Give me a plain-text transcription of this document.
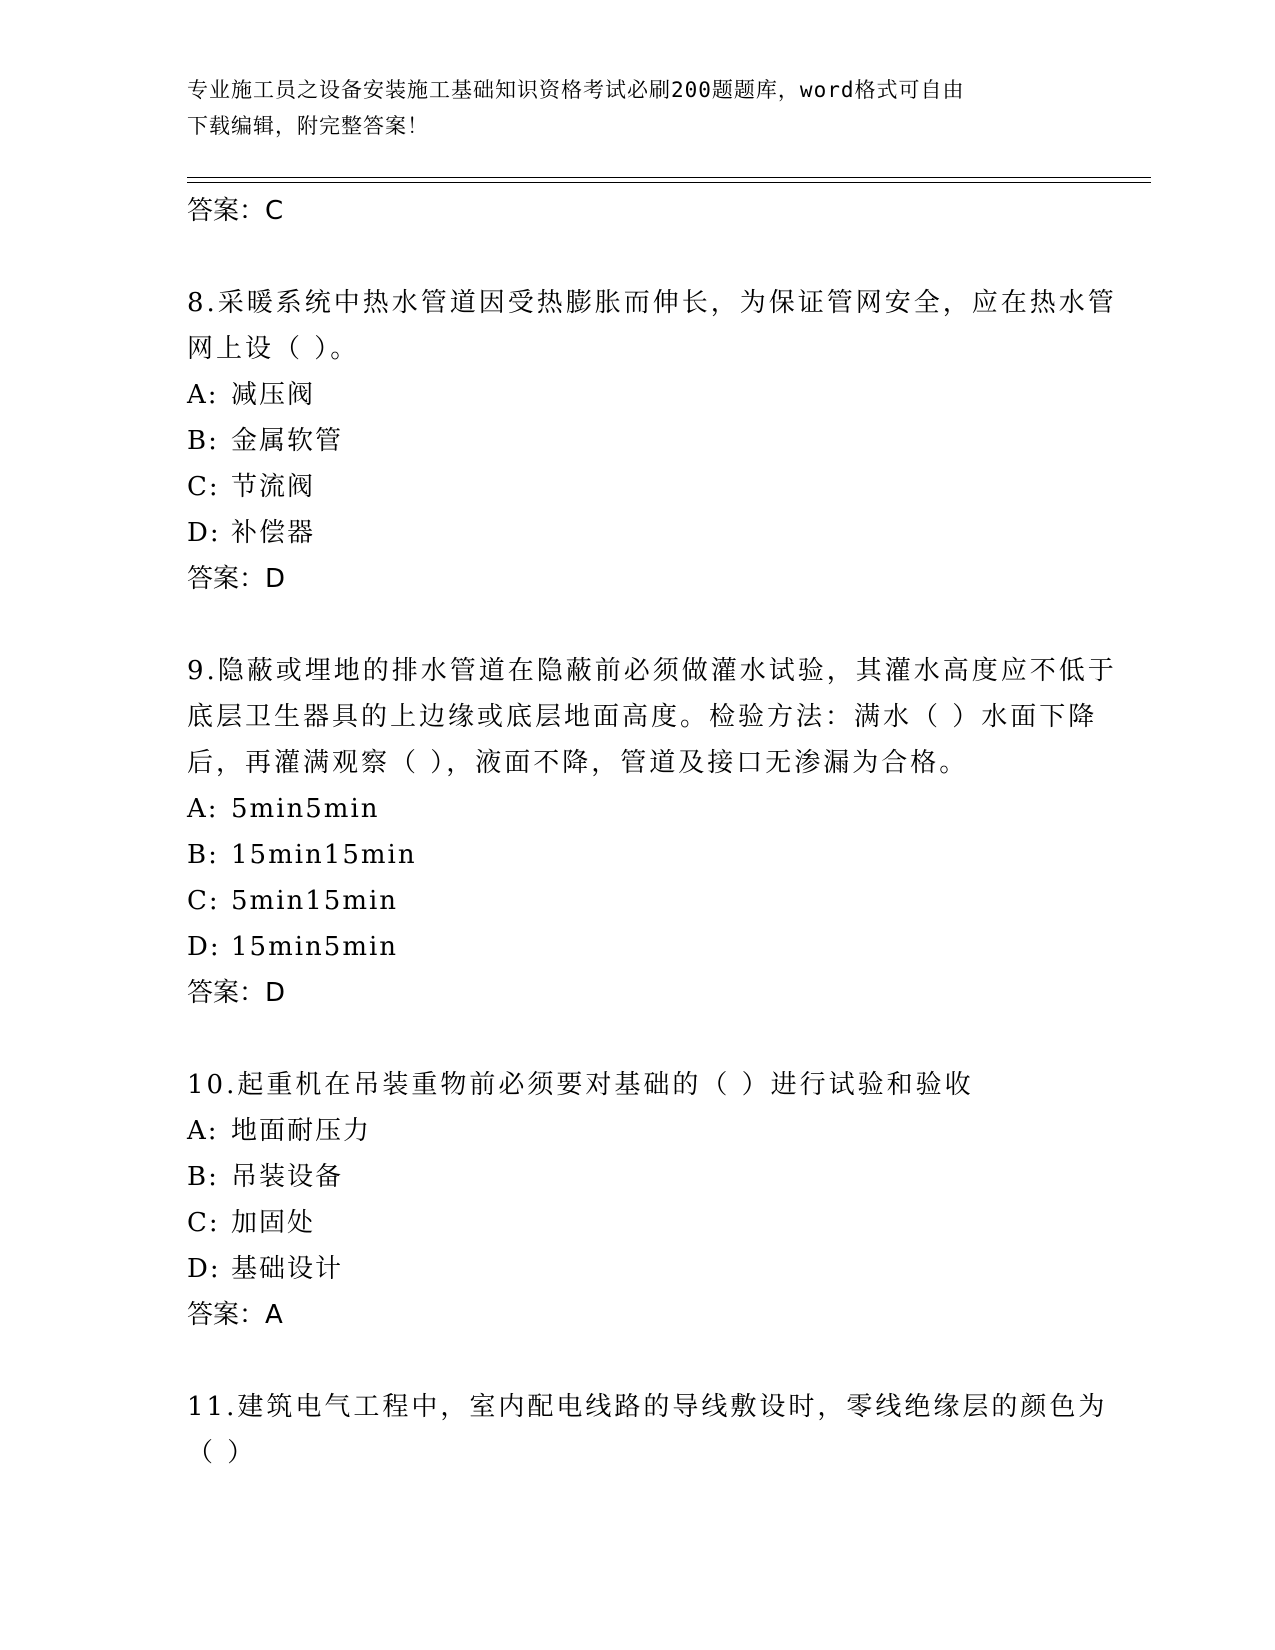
专业施工员之设备安装施工基础知识资格考试必刷200题题库，word格式可自由
下载编辑，附完整答案！
答案：C
8.采暖系统中热水管道因受热膨胀而伸长，为保证管网安全，应在热水管网上设（ ）。
A: 减压阀
B: 金属软管
C: 节流阀
D: 补偿器
答案：D
9.隐蔽或埋地的排水管道在隐蔽前必须做灌水试验，其灌水高度应不低于底层卫生器具的上边缘或底层地面高度。检验方法：满水（ ）水面下降后，再灌满观察（ ），液面不降，管道及接口无渗漏为合格。
A: 5min5min
B: 15min15min
C: 5min15min
D: 15min5min
答案：D
10.起重机在吊装重物前必须要对基础的（ ）进行试验和验收
A: 地面耐压力
B: 吊装设备
C: 加固处
D: 基础设计
答案：A
11.建筑电气工程中，室内配电线路的导线敷设时，零线绝缘层的颜色为（ ）
